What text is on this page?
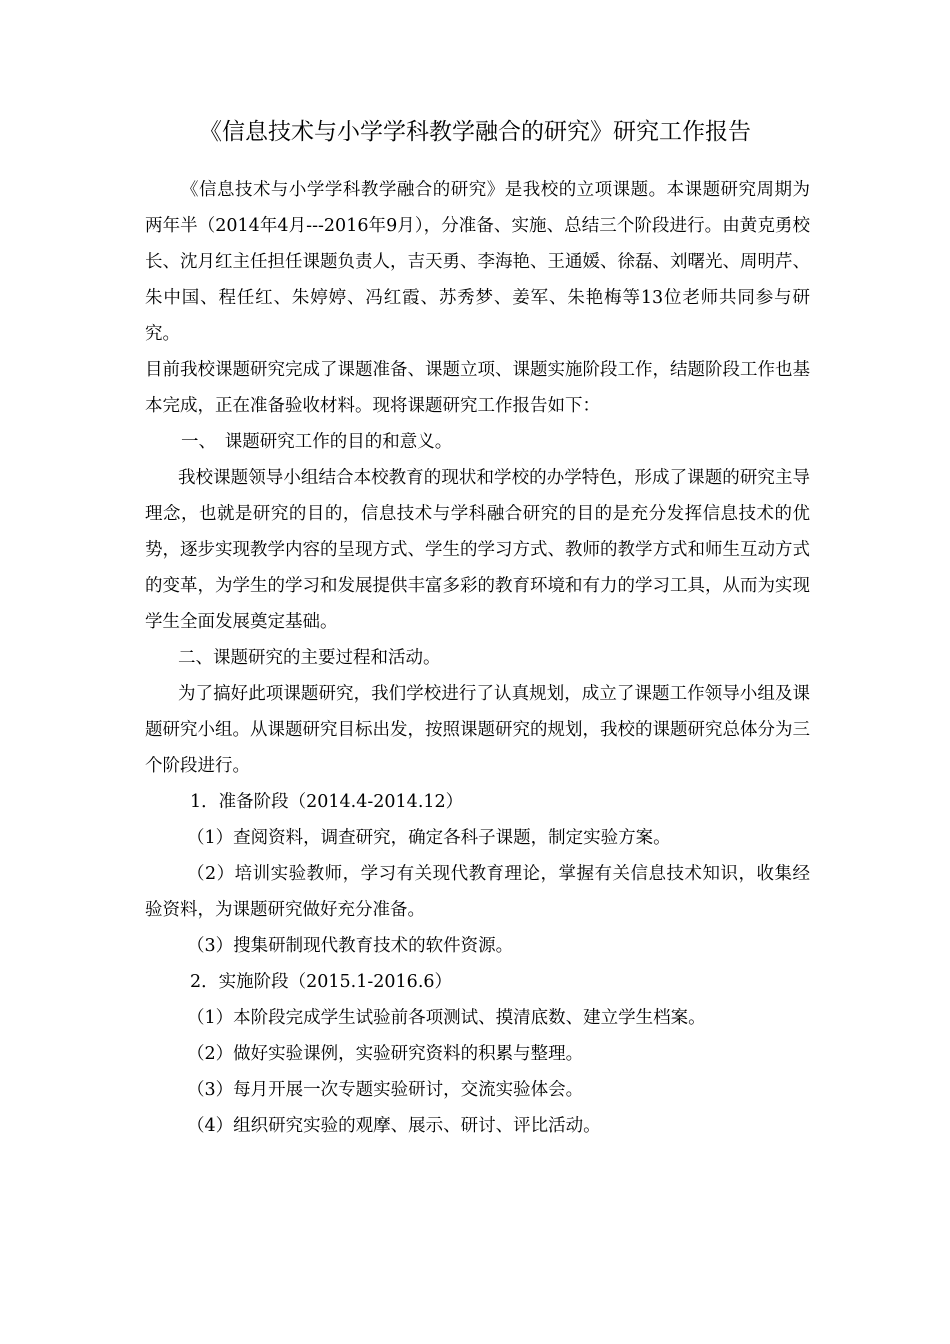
《信息技术与小学学科教学融合的研究》研究工作报告

《信息技术与小学学科教学融合的研究》是我校的立项课题。本课题研究周期为两年半（2014年4月---2016年9月），分准备、实施、总结三个阶段进行。由黄克勇校长、沈月红主任担任课题负责人，吉天勇、李海艳、王通媛、徐磊、刘曙光、周明芹、朱中国、程任红、朱婷婷、冯红霞、苏秀梦、姜军、朱艳梅等13位老师共同参与研究。

目前我校课题研究完成了课题准备、课题立项、课题实施阶段工作，结题阶段工作也基本完成，正在准备验收材料。现将课题研究工作报告如下：

一、　课题研究工作的目的和意义。

我校课题领导小组结合本校教育的现状和学校的办学特色，形成了课题的研究主导理念，也就是研究的目的，信息技术与学科融合研究的目的是充分发挥信息技术的优势，逐步实现教学内容的呈现方式、学生的学习方式、教师的教学方式和师生互动方式的变革，为学生的学习和发展提供丰富多彩的教育环境和有力的学习工具，从而为实现学生全面发展奠定基础。

二、课题研究的主要过程和活动。

为了搞好此项课题研究，我们学校进行了认真规划，成立了课题工作领导小组及课题研究小组。从课题研究目标出发，按照课题研究的规划，我校的课题研究总体分为三个阶段进行。

1．准备阶段（2014.4-2014.12）

（1）查阅资料，调查研究，确定各科子课题，制定实验方案。

（2）培训实验教师，学习有关现代教育理论，掌握有关信息技术知识，收集经验资料，为课题研究做好充分准备。

（3）搜集研制现代教育技术的软件资源。

2．实施阶段（2015.1-2016.6）

（1）本阶段完成学生试验前各项测试、摸清底数、建立学生档案。

（2）做好实验课例，实验研究资料的积累与整理。

（3）每月开展一次专题实验研讨，交流实验体会。

（4）组织研究实验的观摩、展示、研讨、评比活动。
